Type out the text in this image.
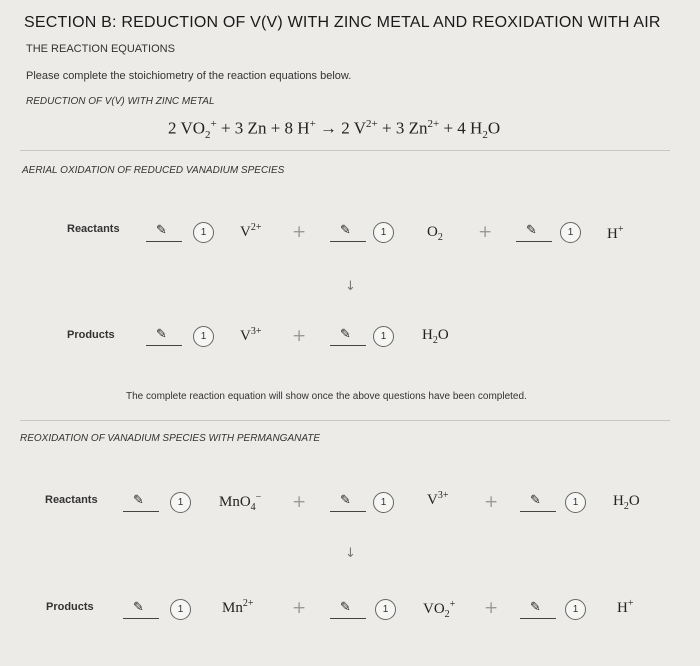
SECTION B: REDUCTION OF V(V) WITH ZINC METAL AND REOXIDATION WITH AIR
THE REACTION EQUATIONS
Please complete the stoichiometry of the reaction equations below.
REDUCTION OF V(V) WITH ZINC METAL
2 $VO_2^+ + 3$ Zn + 8 H+ → 2 $V^{2+} + 3$ $Zn^{2+} + 4$ $H_2O$
AERIAL OXIDATION OF REDUCED VANADIUM SPECIES
Reactants	✎	1	$V^{2+}$ +	✎	1	$O_2$ +	✎	1	H+
↓
Products	✎	1	$V^{3+}$ +	✎	1	$H_2O$
The complete reaction equation will show once the above questions have been completed.
REOXIDATION OF VANADIUM SPECIES WITH PERMANGANATE
Reactants	✎	1	MnO$_4$− +	✎	1	$V^{3+}$ + ✎	1	$H_2O$
↓
Products	✎	1	$Mn^{2+}$ +	✎	1	$VO_2^+$ + ✎	1	H+
